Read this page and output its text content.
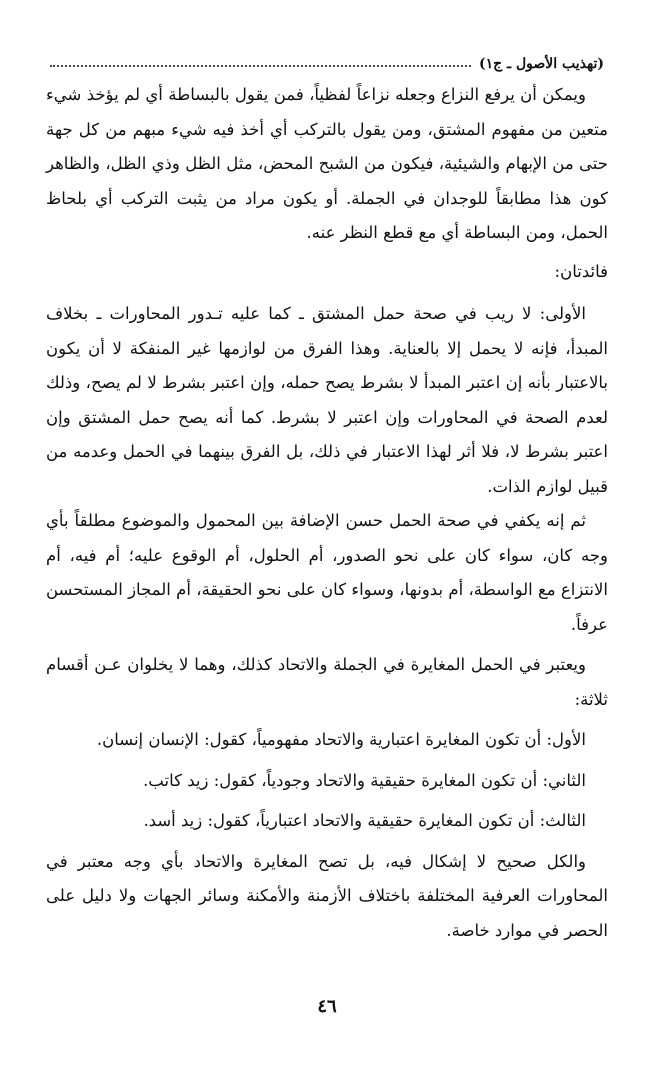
(تهذيب الأصول ـ ج١)

ويمكن أن يرفع النزاع وجعله نزاعاً لفظياً، فمن يقول بالبساطة أي لم يؤخذ شيء متعين من مفهوم المشتق، ومن يقول بالتركب أي أخذ فيه شيء مبهم من كل جهة حتى من الإبهام والشيئية، فيكون من الشبح المحض، مثل الظل وذي الظل، والظاهر كون هذا مطابقاً للوجدان في الجملة. أو يكون مراد من يثبت التركب أي بلحاظ الحمل، ومن البساطة أي مع قطع النظر عنه.

فائدتان:

الأولى: لا ريب في صحة حمل المشتق ـ كما عليه تـدور المحاورات ـ بخلاف المبدأ، فإنه لا يحمل إلا بالعناية. وهذا الفرق من لوازمها غير المنفكة لا أن يكون بالاعتبار بأنه إن اعتبر المبدأ لا بشرط يصح حمله، وإن اعتبر بشرط لا لم يصح، وذلك لعدم الصحة في المحاورات وإن اعتبر لا بشرط. كما أنه يصح حمل المشتق وإن اعتبر بشرط لا، فلا أثر لهذا الاعتبار في ذلك، بل الفرق بينهما في الحمل وعدمه من قبيل لوازم الذات.

ثم إنه يكفي في صحة الحمل حسن الإضافة بين المحمول والموضوع مطلقاً بأي وجه كان، سواء كان على نحو الصدور، أم الحلول، أم الوقوع عليه؛ أم فيه، أم الانتزاع مع الواسطة، أم بدونها، وسواء كان على نحو الحقيقة، أم المجاز المستحسن عرفاً.

ويعتبر في الحمل المغايرة في الجملة والاتحاد كذلك، وهما لا يخلوان عـن أقسام ثلاثة:

الأول: أن تكون المغايرة اعتبارية والاتحاد مفهومياً، كقول: الإنسان إنسان.

الثاني: أن تكون المغايرة حقيقية والاتحاد وجودياً، كقول: زيد كاتب.

الثالث: أن تكون المغايرة حقيقية والاتحاد اعتبارياً، كقول: زيد أسد.

والكل صحيح لا إشكال فيه، بل تصح المغايرة والاتحاد بأي وجه معتبر في المحاورات العرفية المختلفة باختلاف الأزمنة والأمكنة وسائر الجهات ولا دليل على الحصر في موارد خاصة.

٤٦
